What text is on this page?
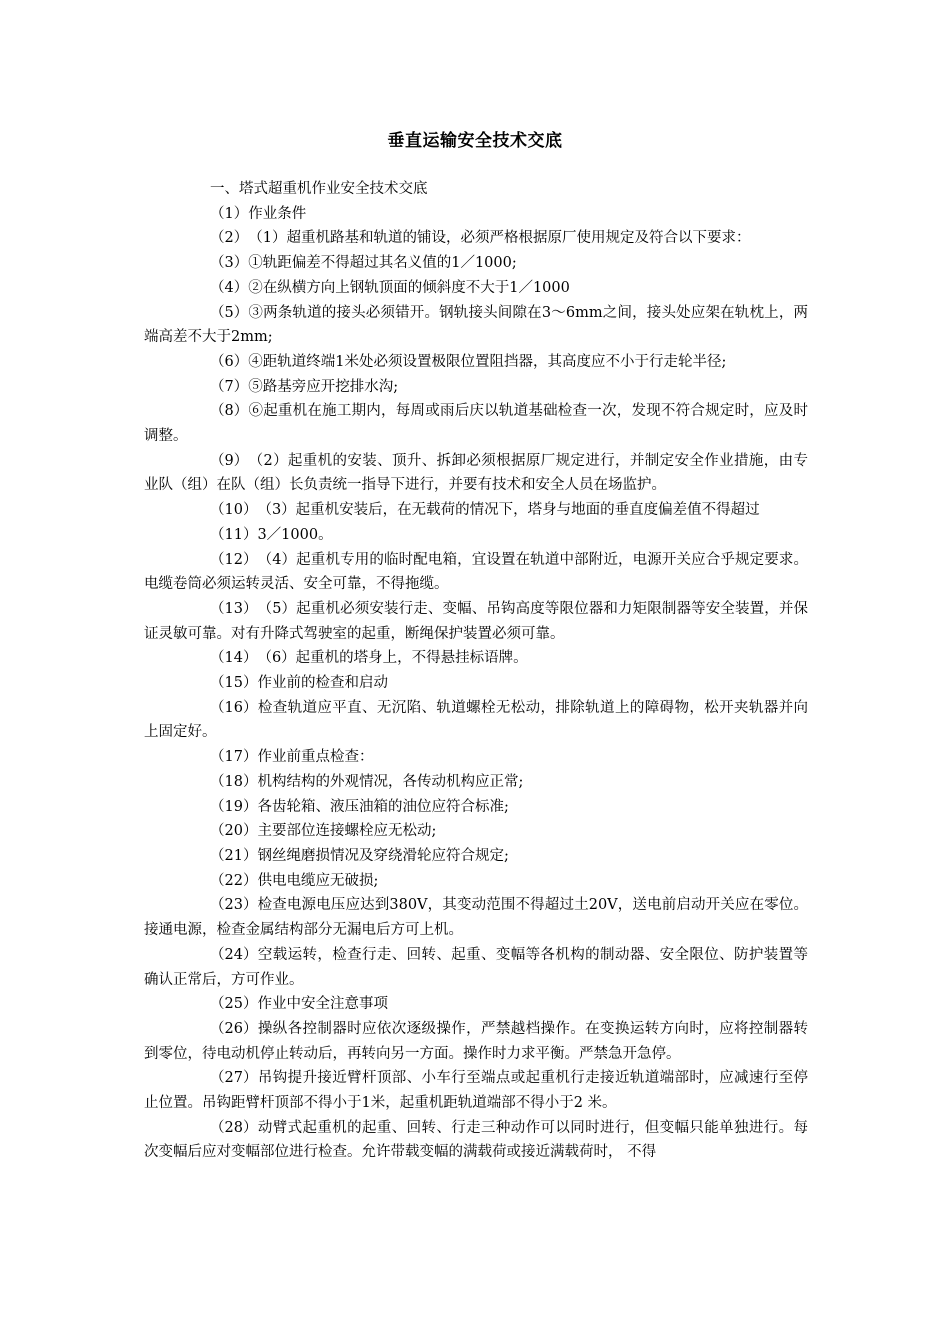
垂直运输安全技术交底

一、塔式超重机作业安全技术交底

（1）作业条件

（2）（1）超重机路基和轨道的铺设，必须严格根据原厂使用规定及符合以下要求：

（3）①轨距偏差不得超过其名义值的1／1000;

（4）②在纵横方向上钢轨顶面的倾斜度不大于1／1000

（5）③两条轨道的接头必须错开。钢轨接头间隙在3～6mm之间，接头处应架在轨枕上，两端高差不大于2mm;

（6）④距轨道终端1米处必须设置极限位置阻挡器，其高度应不小于行走轮半径;

（7）⑤路基旁应开挖排水沟;

（8）⑥起重机在施工期内，每周或雨后庆以轨道基础检查一次，发现不符合规定时，应及时调整。

（9）（2）起重机的安装、顶升、拆卸必须根据原厂规定进行，并制定安全作业措施，由专业队（组）在队（组）长负责统一指导下进行，并要有技术和安全人员在场监护。

（10）（3）起重机安装后，在无载荷的情况下，塔身与地面的垂直度偏差值不得超过

（11）3／1000。

（12）（4）起重机专用的临时配电箱，宜设置在轨道中部附近，电源开关应合乎规定要求。电缆卷筒必须运转灵活、安全可靠，不得拖缆。

（13）（5）起重机必须安装行走、变幅、吊钩高度等限位器和力矩限制器等安全装置，并保证灵敏可靠。对有升降式驾驶室的起重，断绳保护装置必须可靠。

（14）（6）起重机的塔身上，不得悬挂标语牌。

（15）作业前的检查和启动

（16）检查轨道应平直、无沉陷、轨道螺栓无松动，排除轨道上的障碍物，松开夹轨器并向上固定好。

（17）作业前重点检查：

（18）机构结构的外观情况，各传动机构应正常;

（19）各齿轮箱、液压油箱的油位应符合标准;

（20）主要部位连接螺栓应无松动;

（21）钢丝绳磨损情况及穿绕滑轮应符合规定;

（22）供电电缆应无破损;

（23）检查电源电压应达到380V，其变动范围不得超过土20V，送电前启动开关应在零位。接通电源，检查金属结构部分无漏电后方可上机。

（24）空载运转，检查行走、回转、起重、变幅等各机构的制动器、安全限位、防护装置等确认正常后，方可作业。

（25）作业中安全注意事项

（26）操纵各控制器时应依次逐级操作，严禁越档操作。在变换运转方向时，应将控制器转到零位，待电动机停止转动后，再转向另一方面。操作时力求平衡。严禁急开急停。

（27）吊钩提升接近臂杆顶部、小车行至端点或起重机行走接近轨道端部时，应减速行至停止位置。吊钩距臂杆顶部不得小于1米，起重机距轨道端部不得小于2 米。

（28）动臂式起重机的起重、回转、行走三种动作可以同时进行，但变幅只能单独进行。每次变幅后应对变幅部位进行检查。允许带载变幅的满载荷或接近满载荷时， 不得
